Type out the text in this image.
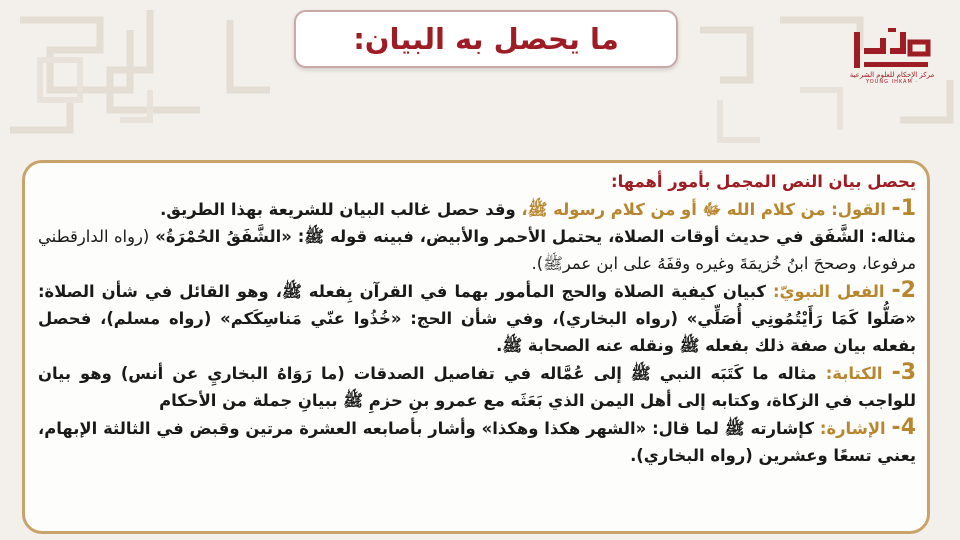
ما يحصل به البيان:
مركز الإحكام للعلوم الشرعية
YOUNG IHKAM ·

يحصل بيان النص المجمل بأمور أهمها:

1- القول: من كلام الله ﷻ أو من كلام رسوله ﷺ، وقد حصل غالب البيان للشريعة بهذا الطريق.

مثاله: الشَّفَق في حديث أوقات الصلاة، يحتمل الأحمر والأبيض، فبينه قوله ﷺ: «الشَّفَقُ الحُمْرَةُ» (رواه الدارقطني مرفوعا، وصححَ ابنُ خُزيمَةَ وغيره وقفَهُ على ابن عمرﷺ).

2- الفعل النبويّ: كبيان كيفية الصلاة والحج المأمور بهما في القرآن بِفعله ﷺ، وهو القائل في شأن الصلاة: «صَلُّوا كَمَا رَأَيْتُمُونِي أُصَلِّي» (رواه البخاري)، وفي شأن الحج: «خُذُوا عنّي مَناسِكَكم» (رواه مسلم)، فحصل بفعله بيان صفة ذلك بفعله ﷺ ونقله عنه الصحابة ﷺ.

3- الكتابة: مثاله ما كَتَبَه النبي ﷺ إلى عُمَّاله في تفاصيل الصدقات (ما رَوَاهُ البخاريِ عن أنس) وهو بيان للواجب في الزكاة، وكتابه إلى أهل اليمن الذي بَعَثَه مع عمرو بنِ حزمِ ﷺ ببيانِ جملة من الأحكام

4- الإشارة: كإشارته ﷺ لما قال: «الشهر هكذا وهكذا» وأشار بأصابعه العشرة مرتين وقبض في الثالثة الإبهام، يعني تسعًا وعشرين (رواه البخاري).
